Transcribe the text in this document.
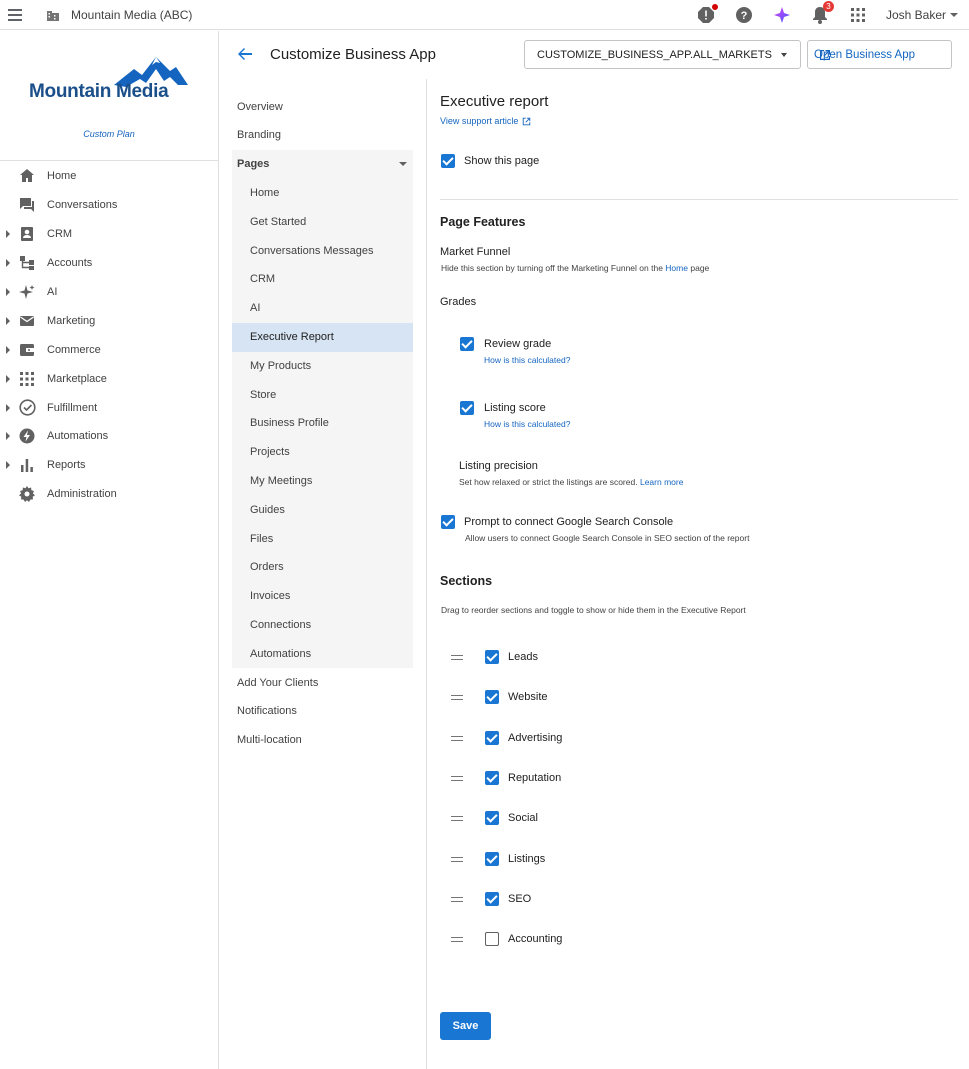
Mountain Media (ABC)	?
3
Josh Baker
Mountain Media
Custom Plan
Home
Conversations
CRM
Accounts
AI
Marketing
Commerce
Marketplace
Fulfillment
Automations
Reports
Administration
Customize Business App	CUSTOMIZE_BUSINESS_APP.ALL_MARKETS	Open Business App
Overview
Branding
Pages
Home
Get Started
Conversations Messages
CRM
AI
Executive Report
My Products
Store
Business Profile
Projects
My Meetings
Guides
Files
Orders
Invoices
Connections
Automations
Add Your Clients
Notifications
Multi-location
Executive report
View support article
Show this page
Page Features
Market Funnel
Hide this section by turning off the Marketing Funnel on the Home page
Grades
Review grade
How is this calculated?
Listing score
How is this calculated?
Listing precision
Set how relaxed or strict the listings are scored. Learn more
Prompt to connect Google Search Console
Allow users to connect Google Search Console in SEO section of the report
Sections
Drag to reorder sections and toggle to show or hide them in the Executive Report
Leads
Website
Advertising
Reputation
Social
Listings
SEO
Accounting
Save
